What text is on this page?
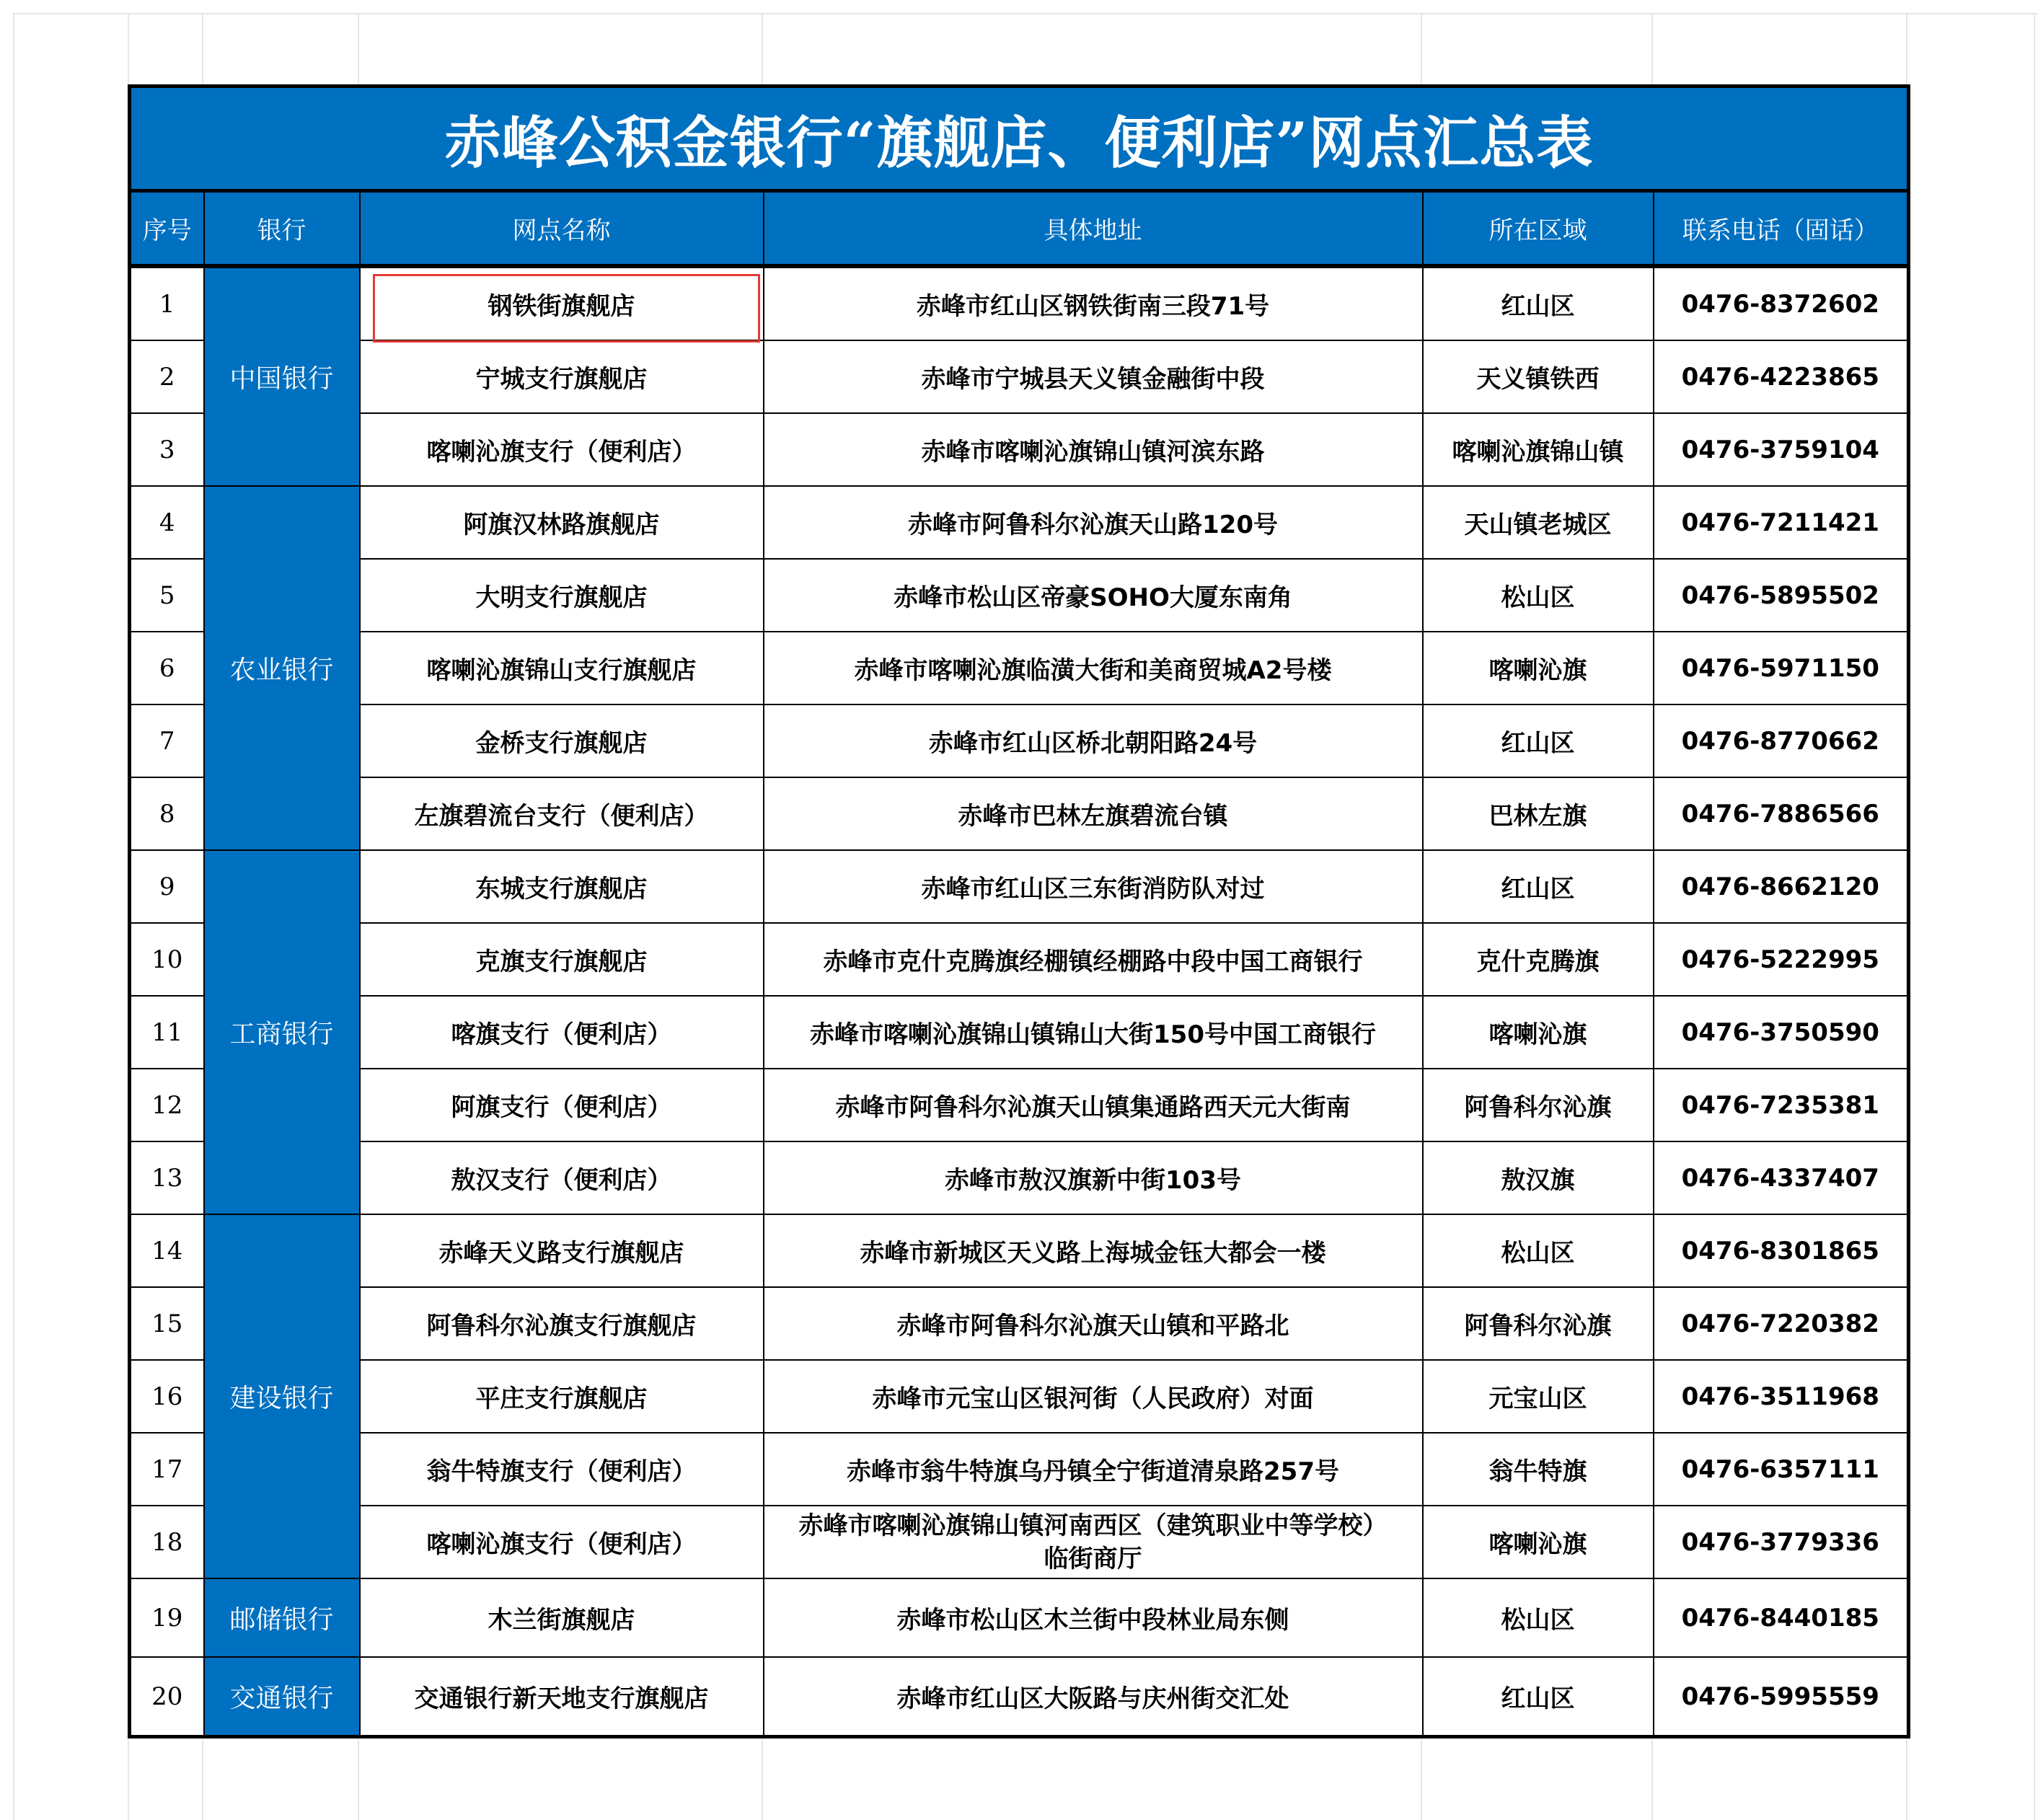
赤峰公积金银行“旗舰店、便利店”网点汇总表					
序号	银行	网点名称	具体地址	所在区域	联系电话（固话）
1	中国银行	钢铁街旗舰店	赤峰市红山区钢铁街南三段71号	红山区	0476-8372602
2		宁城支行旗舰店	赤峰市宁城县天义镇金融街中段	天义镇铁西	0476-4223865
3		喀喇沁旗支行（便利店）	赤峰市喀喇沁旗锦山镇河滨东路	喀喇沁旗锦山镇	0476-3759104
4	农业银行	阿旗汉林路旗舰店	赤峰市阿鲁科尔沁旗天山路120号	天山镇老城区	0476-7211421
5		大明支行旗舰店	赤峰市松山区帝豪SOHO大厦东南角	松山区	0476-5895502
6		喀喇沁旗锦山支行旗舰店	赤峰市喀喇沁旗临潢大街和美商贸城A2号楼	喀喇沁旗	0476-5971150
7		金桥支行旗舰店	赤峰市红山区桥北朝阳路24号	红山区	0476-8770662
8		左旗碧流台支行（便利店）	赤峰市巴林左旗碧流台镇	巴林左旗	0476-7886566
9	工商银行	东城支行旗舰店	赤峰市红山区三东街消防队对过	红山区	0476-8662120
10		克旗支行旗舰店	赤峰市克什克腾旗经棚镇经棚路中段中国工商银行	克什克腾旗	0476-5222995
11		喀旗支行（便利店）	赤峰市喀喇沁旗锦山镇锦山大街150号中国工商银行	喀喇沁旗	0476-3750590
12		阿旗支行（便利店）	赤峰市阿鲁科尔沁旗天山镇集通路西天元大街南	阿鲁科尔沁旗	0476-7235381
13		敖汉支行（便利店）	赤峰市敖汉旗新中街103号	敖汉旗	0476-4337407
14	建设银行	赤峰天义路支行旗舰店	赤峰市新城区天义路上海城金钰大都会一楼	松山区	0476-8301865
15		阿鲁科尔沁旗支行旗舰店	赤峰市阿鲁科尔沁旗天山镇和平路北	阿鲁科尔沁旗	0476-7220382
16		平庄支行旗舰店	赤峰市元宝山区银河街（人民政府）对面	元宝山区	0476-3511968
17		翁牛特旗支行（便利店）	赤峰市翁牛特旗乌丹镇全宁街道清泉路257号	翁牛特旗	0476-6357111
18		喀喇沁旗支行（便利店）	赤峰市喀喇沁旗锦山镇河南西区（建筑职业中等学校）临街商厅	喀喇沁旗	0476-3779336
19	邮储银行	木兰街旗舰店	赤峰市松山区木兰街中段林业局东侧	松山区	0476-8440185
20	交通银行	交通银行新天地支行旗舰店	赤峰市红山区大阪路与庆州街交汇处	红山区	0476-5995559
